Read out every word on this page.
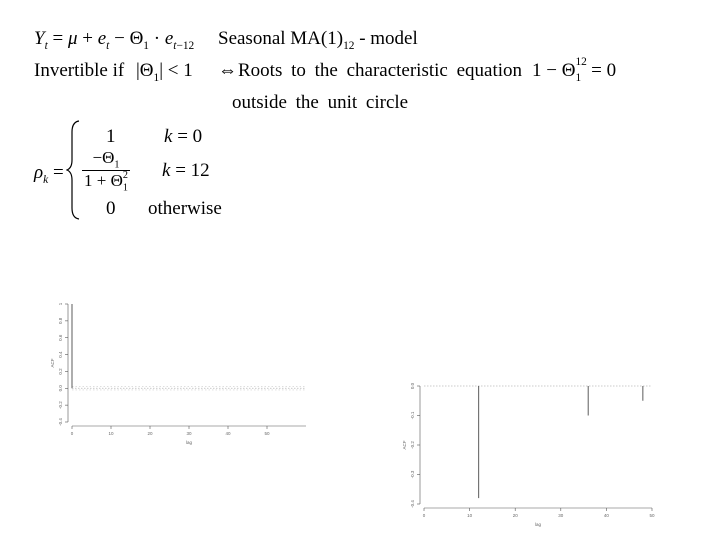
$Y_t = \mu + e_t - \Theta_1 \cdot e_{t-12}$ Seasonal $MA(1)_{12}$ - model
Invertible if $|\Theta_1| < 1$ ⇔ Roots to the characteristic equation 1 − Θ $_{12 1}$ = 0
outside the unit circle
$\rho_k$ =
1	k = 0
$-\Theta_1$
1 + Θ $^2$
$_1$ k = 12
0 otherwise
-0.4
-0.2
0.0
0.2
0.4
0.6
0.8
1
0	10	20	30	40	50
ACF
lag
-0.4
-0.3
-0.2
-0.1
0.0
0	10	20	30	40	50
ACF
lag
